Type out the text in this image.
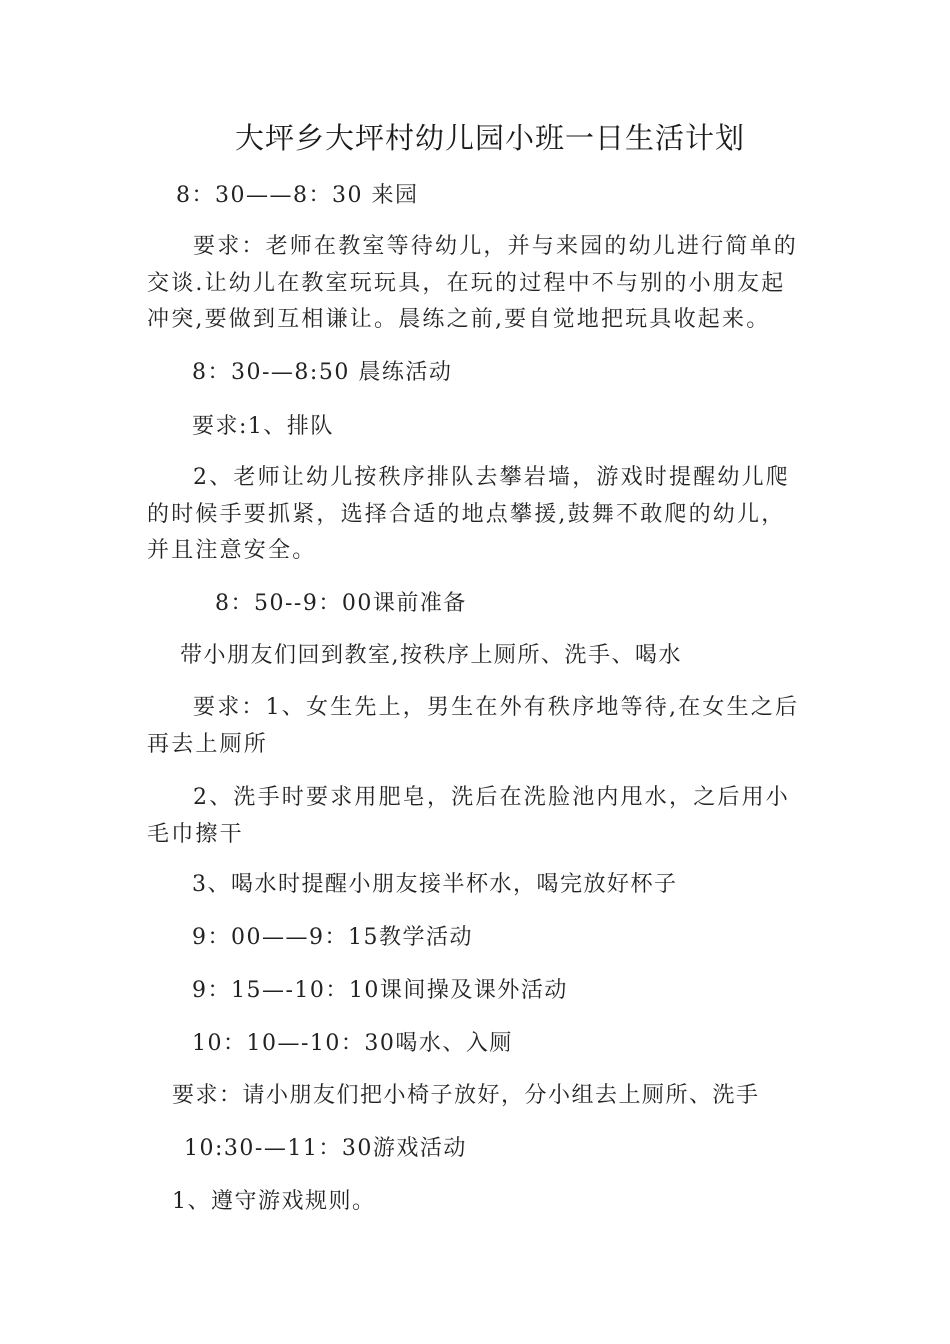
大坪乡大坪村幼儿园小班一日生活计划
8：30——8：30 来园
要求：老师在教室等待幼儿，并与来园的幼儿进行简单的交谈.让幼儿在教室玩玩具，在玩的过程中不与别的小朋友起冲突,要做到互相谦让。晨练之前,要自觉地把玩具收起来。
8：30-—8:50 晨练活动
要求:1、排队
2、老师让幼儿按秩序排队去攀岩墙，游戏时提醒幼儿爬的时候手要抓紧，选择合适的地点攀援,鼓舞不敢爬的幼儿，并且注意安全。
8：50--9：00课前准备
带小朋友们回到教室,按秩序上厕所、洗手、喝水
要求：1、女生先上，男生在外有秩序地等待,在女生之后再去上厕所
2、洗手时要求用肥皂，洗后在洗脸池内甩水，之后用小毛巾擦干
3、喝水时提醒小朋友接半杯水，喝完放好杯子
9：00——9：15教学活动
9：15—-10：10课间操及课外活动
10：10—-10：30喝水、入厕
要求：请小朋友们把小椅子放好，分小组去上厕所、洗手
10:30-—11：30游戏活动
1、遵守游戏规则。
